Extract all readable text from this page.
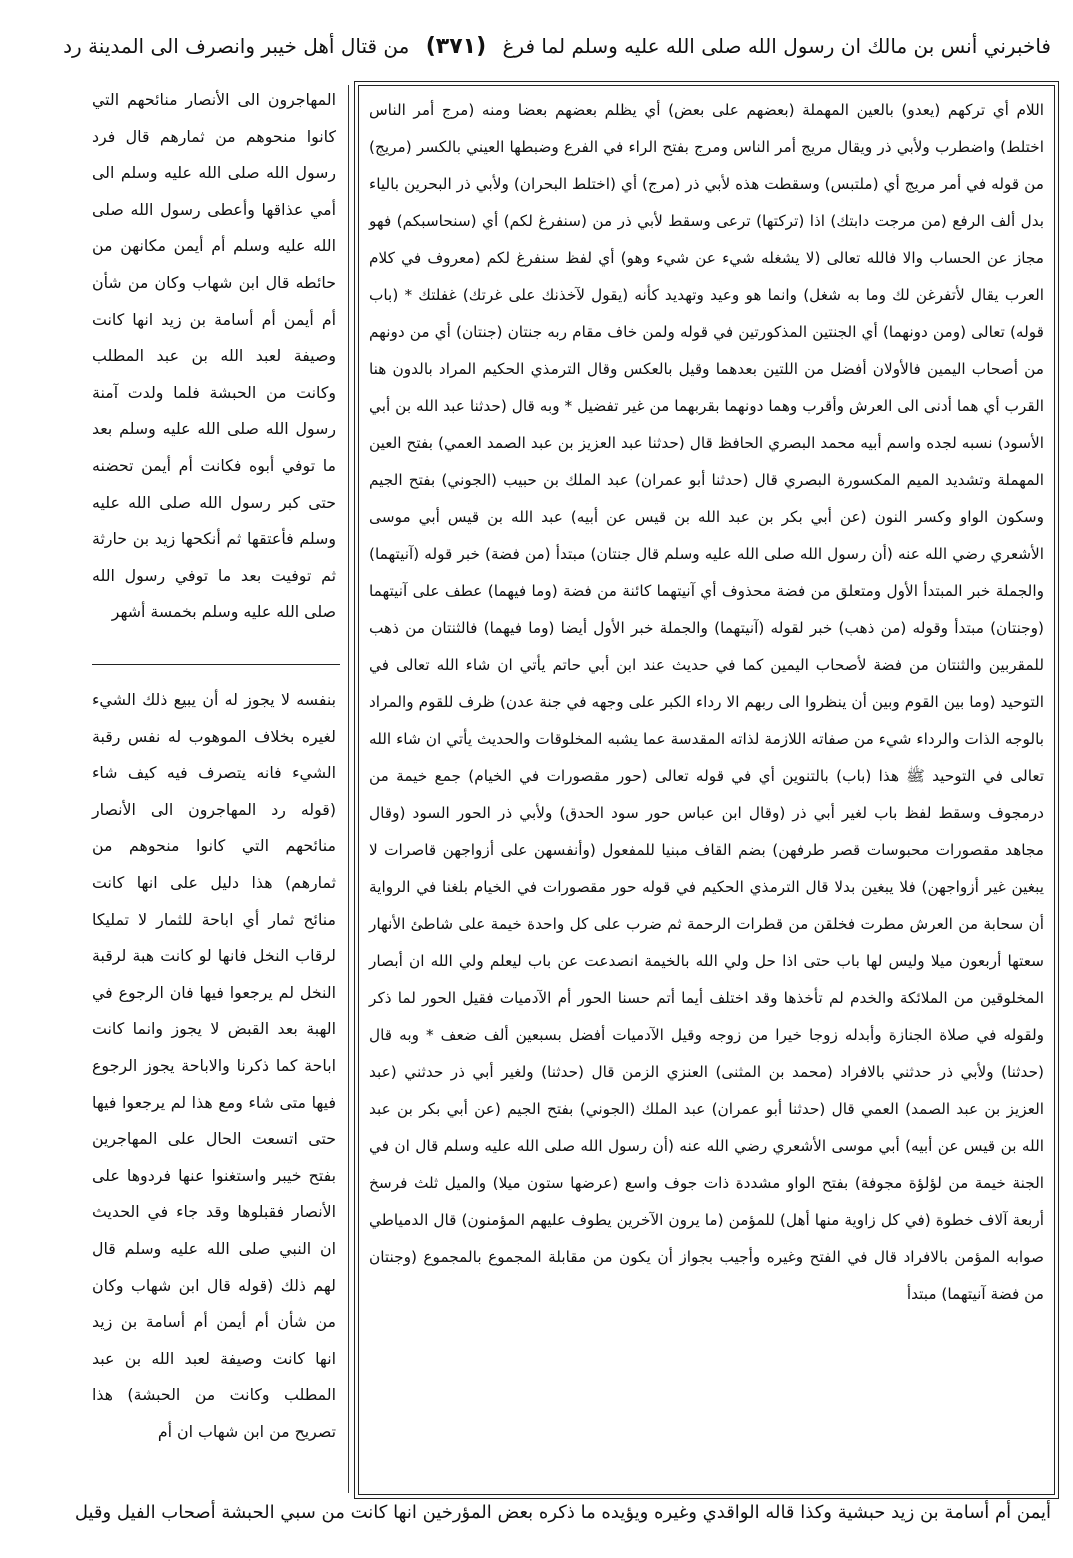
فاخبرني أنس بن مالك ان رسول الله صلى الله عليه وسلم لما فرغ (۳۷۱) من قتال أهل خيبر وانصرف الى المدينة رد
اللام أي تركهم (يعدو) بالعين المهملة (بعضهم على بعض) أي يظلم بعضهم بعضا ومنه (مرج أمر الناس اختلط) واضطرب ولأبي ذر ويقال مريج أمر الناس ومرج بفتح الراء في الفرع وضبطها العيني بالكسر (مريج) من قوله في أمر مريج أي (ملتبس) وسقطت هذه لأبي ذر (مرج) أي (اختلط البحران) ولأبي ذر البحرين بالياء بدل ألف الرفع (من مرجت دابتك) اذا (تركتها) ترعى وسقط لأبي ذر من (سنفرغ لكم) أي (سنحاسبكم) فهو مجاز عن الحساب والا فالله تعالى (لا يشغله شيء عن شيء وهو) أي لفظ سنفرغ لكم (معروف في كلام العرب يقال لأتفرغن لك وما به شغل) وانما هو وعيد وتهديد كأنه (يقول لآخذنك على غرتك) غفلتك * (باب قوله) تعالى (ومن دونهما) أي الجنتين المذكورتين في قوله ولمن خاف مقام ربه جنتان (جنتان) أي من دونهم من أصحاب اليمين فالأولان أفضل من اللتين بعدهما وقيل بالعكس وقال الترمذي الحكيم المراد بالدون هنا القرب أي هما أدنى الى العرش وأقرب وهما دونهما بقربهما من غير تفضيل * وبه قال (حدثنا عبد الله بن أبي الأسود) نسبه لجده واسم أبيه محمد البصري الحافظ قال (حدثنا عبد العزيز بن عبد الصمد العمي) بفتح العين المهملة وتشديد الميم المكسورة البصري قال (حدثنا أبو عمران) عبد الملك بن حبيب (الجوني) بفتح الجيم وسكون الواو وكسر النون (عن أبي بكر بن عبد الله بن قيس عن أبيه) عبد الله بن قيس أبي موسى الأشعري رضي الله عنه (أن رسول الله صلى الله عليه وسلم قال جنتان) مبتدأ (من فضة) خبر قوله (آنيتهما) والجملة خبر المبتدأ الأول ومتعلق من فضة محذوف أي آنيتهما كائنة من فضة (وما فيهما) عطف على آنيتهما (وجنتان) مبتدأ وقوله (من ذهب) خبر لقوله (آنيتهما) والجملة خبر الأول أيضا (وما فيهما) فالثنتان من ذهب للمقربين والثنتان من فضة لأصحاب اليمين كما في حديث عند ابن أبي حاتم يأتي ان شاء الله تعالى في التوحيد (وما بين القوم وبين أن ينظروا الى ربهم الا رداء الكبر على وجهه في جنة عدن) ظرف للقوم والمراد بالوجه الذات والرداء شيء من صفاته اللازمة لذاته المقدسة عما يشبه المخلوقات والحديث يأتي ان شاء الله تعالى في التوحيد ﷺ هذا (باب) بالتنوين أي في قوله تعالى (حور مقصورات في الخيام) جمع خيمة من درمجوف وسقط لفظ باب لغير أبي ذر (وقال ابن عباس حور سود الحدق) ولأبي ذر الحور السود (وقال مجاهد مقصورات محبوسات قصر طرفهن) بضم القاف مبنيا للمفعول (وأنفسهن على أزواجهن قاصرات لا يبغين غير أزواجهن) فلا يبغين بدلا قال الترمذي الحكيم في قوله حور مقصورات في الخيام بلغنا في الرواية أن سحابة من العرش مطرت فخلقن من قطرات الرحمة ثم ضرب على كل واحدة خيمة على شاطئ الأنهار سعتها أربعون ميلا وليس لها باب حتى اذا حل ولي الله بالخيمة انصدعت عن باب ليعلم ولي الله ان أبصار المخلوقين من الملائكة والخدم لم تأخذها وقد اختلف أيما أتم حسنا الحور أم الآدميات فقيل الحور لما ذكر ولقوله في صلاة الجنازة وأبدله زوجا خيرا من زوجه وقيل الآدميات أفضل بسبعين ألف ضعف * وبه قال (حدثنا) ولأبي ذر حدثني بالافراد (محمد بن المثنى) العنزي الزمن قال (حدثنا) ولغير أبي ذر حدثني (عبد العزيز بن عبد الصمد) العمي قال (حدثنا أبو عمران) عبد الملك (الجوني) بفتح الجيم (عن أبي بكر بن عبد الله بن قيس عن أبيه) أبي موسى الأشعري رضي الله عنه (أن رسول الله صلى الله عليه وسلم قال ان في الجنة خيمة من لؤلؤة مجوفة) بفتح الواو مشددة ذات جوف واسع (عرضها ستون ميلا) والميل ثلث فرسخ أربعة آلاف خطوة (في كل زاوية منها أهل) للمؤمن (ما يرون الآخرين يطوف عليهم المؤمنون) قال الدمياطي صوابه المؤمن بالافراد قال في الفتح وغيره وأجيب بجواز أن يكون من مقابلة المجموع بالمجموع (وجنتان من فضة آنيتهما) مبتدأ
المهاجرون الى الأنصار منائحهم التي كانوا منحوهم من ثمارهم قال فرد رسول الله صلى الله عليه وسلم الى أمي عذاقها وأعطى رسول الله صلى الله عليه وسلم أم أيمن مكانهن من حائطه قال ابن شهاب وكان من شأن أم أيمن أم أسامة بن زيد انها كانت وصيفة لعبد الله بن عبد المطلب وكانت من الحبشة فلما ولدت آمنة رسول الله صلى الله عليه وسلم بعد ما توفي أبوه فكانت أم أيمن تحضنه حتى كبر رسول الله صلى الله عليه وسلم فأعتقها ثم أنكحها زيد بن حارثة ثم توفيت بعد ما توفي رسول الله صلى الله عليه وسلم بخمسة أشهر
بنفسه لا يجوز له أن يبيع ذلك الشيء لغيره بخلاف الموهوب له نفس رقبة الشيء فانه يتصرف فيه كيف شاء (قوله رد المهاجرون الى الأنصار منائحهم التي كانوا منحوهم من ثمارهم) هذا دليل على انها كانت منائح ثمار أي اباحة للثمار لا تمليكا لرقاب النخل فانها لو كانت هبة لرقبة النخل لم يرجعوا فيها فان الرجوع في الهبة بعد القبض لا يجوز وانما كانت اباحة كما ذكرنا والاباحة يجوز الرجوع فيها متى شاء ومع هذا لم يرجعوا فيها حتى اتسعت الحال على المهاجرين بفتح خيبر واستغنوا عنها فردوها على الأنصار فقبلوها وقد جاء في الحديث ان النبي صلى الله عليه وسلم قال لهم ذلك (قوله قال ابن شهاب وكان من شأن أم أيمن أم أسامة بن زيد انها كانت وصيفة لعبد الله بن عبد المطلب وكانت من الحبشة) هذا تصريح من ابن شهاب ان أم
أيمن أم أسامة بن زيد حبشية وكذا قاله الواقدي وغيره ويؤيده ما ذكره بعض المؤرخين انها كانت من سبي الحبشة أصحاب الفيل وقيل
